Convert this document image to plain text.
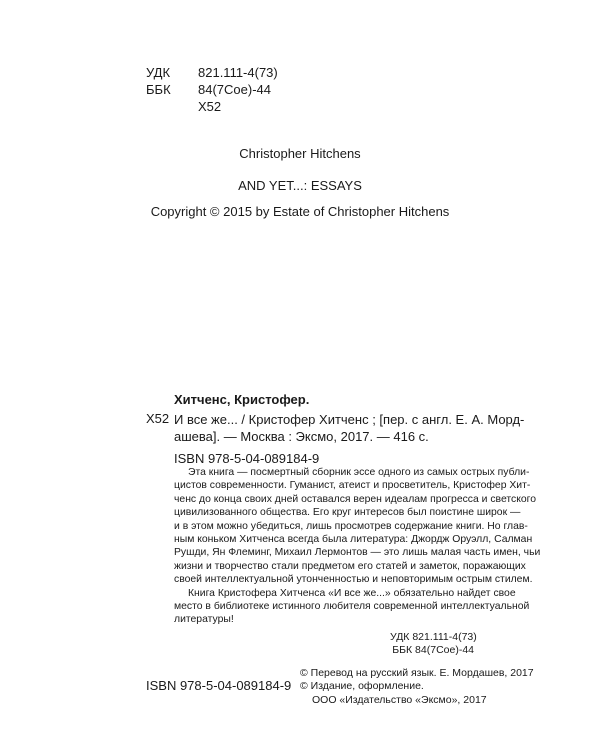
УДК 821.111-4(73)
ББК 84(7Сое)-44
Х52
Christopher Hitchens
AND YET...: ESSAYS
Copyright © 2015 by Estate of Christopher Hitchens
Хитченс, Кристофер.
Х52 И все же... / Кристофер Хитченс ; [пер. с англ. Е. А. Морд-
ашева]. — Москва : Эксмо, 2017. — 416 с.
ISBN 978-5-04-089184-9

Эта книга — посмертный сборник эссе одного из самых острых публи-
цистов современности. Гуманист, атеист и просветитель, Кристофер Хит-
ченс до конца своих дней оставался верен идеалам прогресса и светского
цивилизованного общества. Его круг интересов был поистине широк —
и в этом можно убедиться, лишь просмотрев содержание книги. Но глав-
ным коньком Хитченса всегда была литература: Джордж Оруэлл, Салман
Рушди, Ян Флеминг, Михаил Лермонтов — это лишь малая часть имен, чьи
жизни и творчество стали предметом его статей и заметок, поражающих
своей интеллектуальной утонченностью и неповторимым острым стилем.

Книга Кристофера Хитченса «И все же...» обязательно найдет свое
место в библиотеке истинного любителя современной интеллектуальной
литературы!

УДК 821.111-4(73)
ББК 84(7Сое)-44
© Перевод на русский язык. Е. Мордашев, 2017
© Издание, оформление.
ООО «Издательство «Эксмо», 2017
ISBN 978-5-04-089184-9
